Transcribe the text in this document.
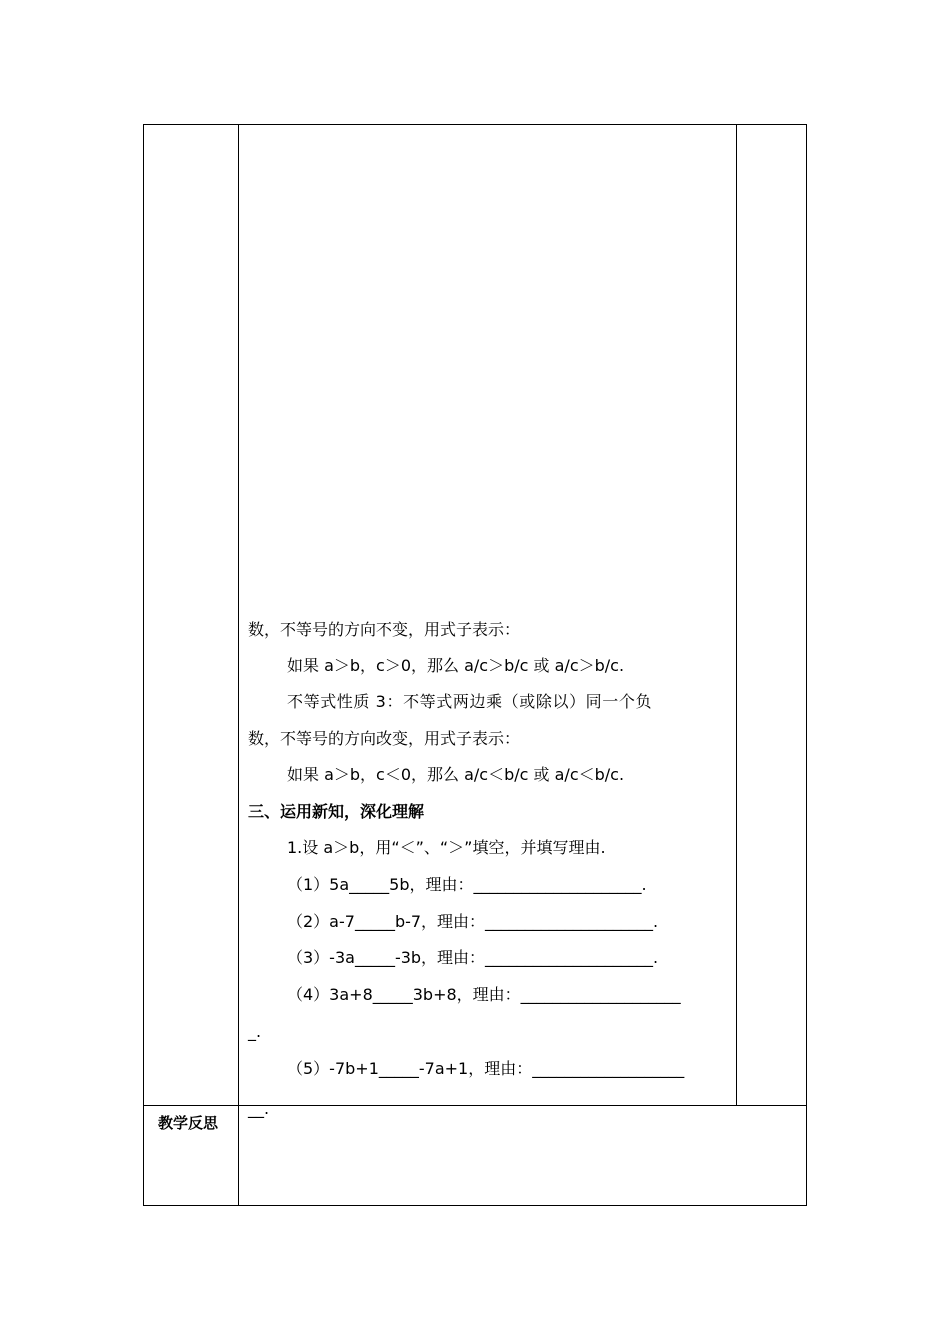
数，不等号的方向不变，用式子表示：
如果 a＞b，c＞0，那么 a/c＞b/c 或 a/c＞b/c.
不等式性质 3：不等式两边乘（或除以）同一个负
数，不等号的方向改变，用式子表示：
如果 a＞b，c＜0，那么 a/c＜b/c 或 a/c＜b/c.
三、运用新知，深化理解
1.设 a＞b，用“＜”、“＞”填空，并填写理由.
（1）5a_____5b，理由：_____________________.
（2）a-7_____b-7，理由：_____________________.
（3）-3a_____-3b，理由：_____________________.
（4）3a+8_____3b+8，理由：____________________
_.
（5）-7b+1_____-7a+1，理由：___________________
__.
教学反思
